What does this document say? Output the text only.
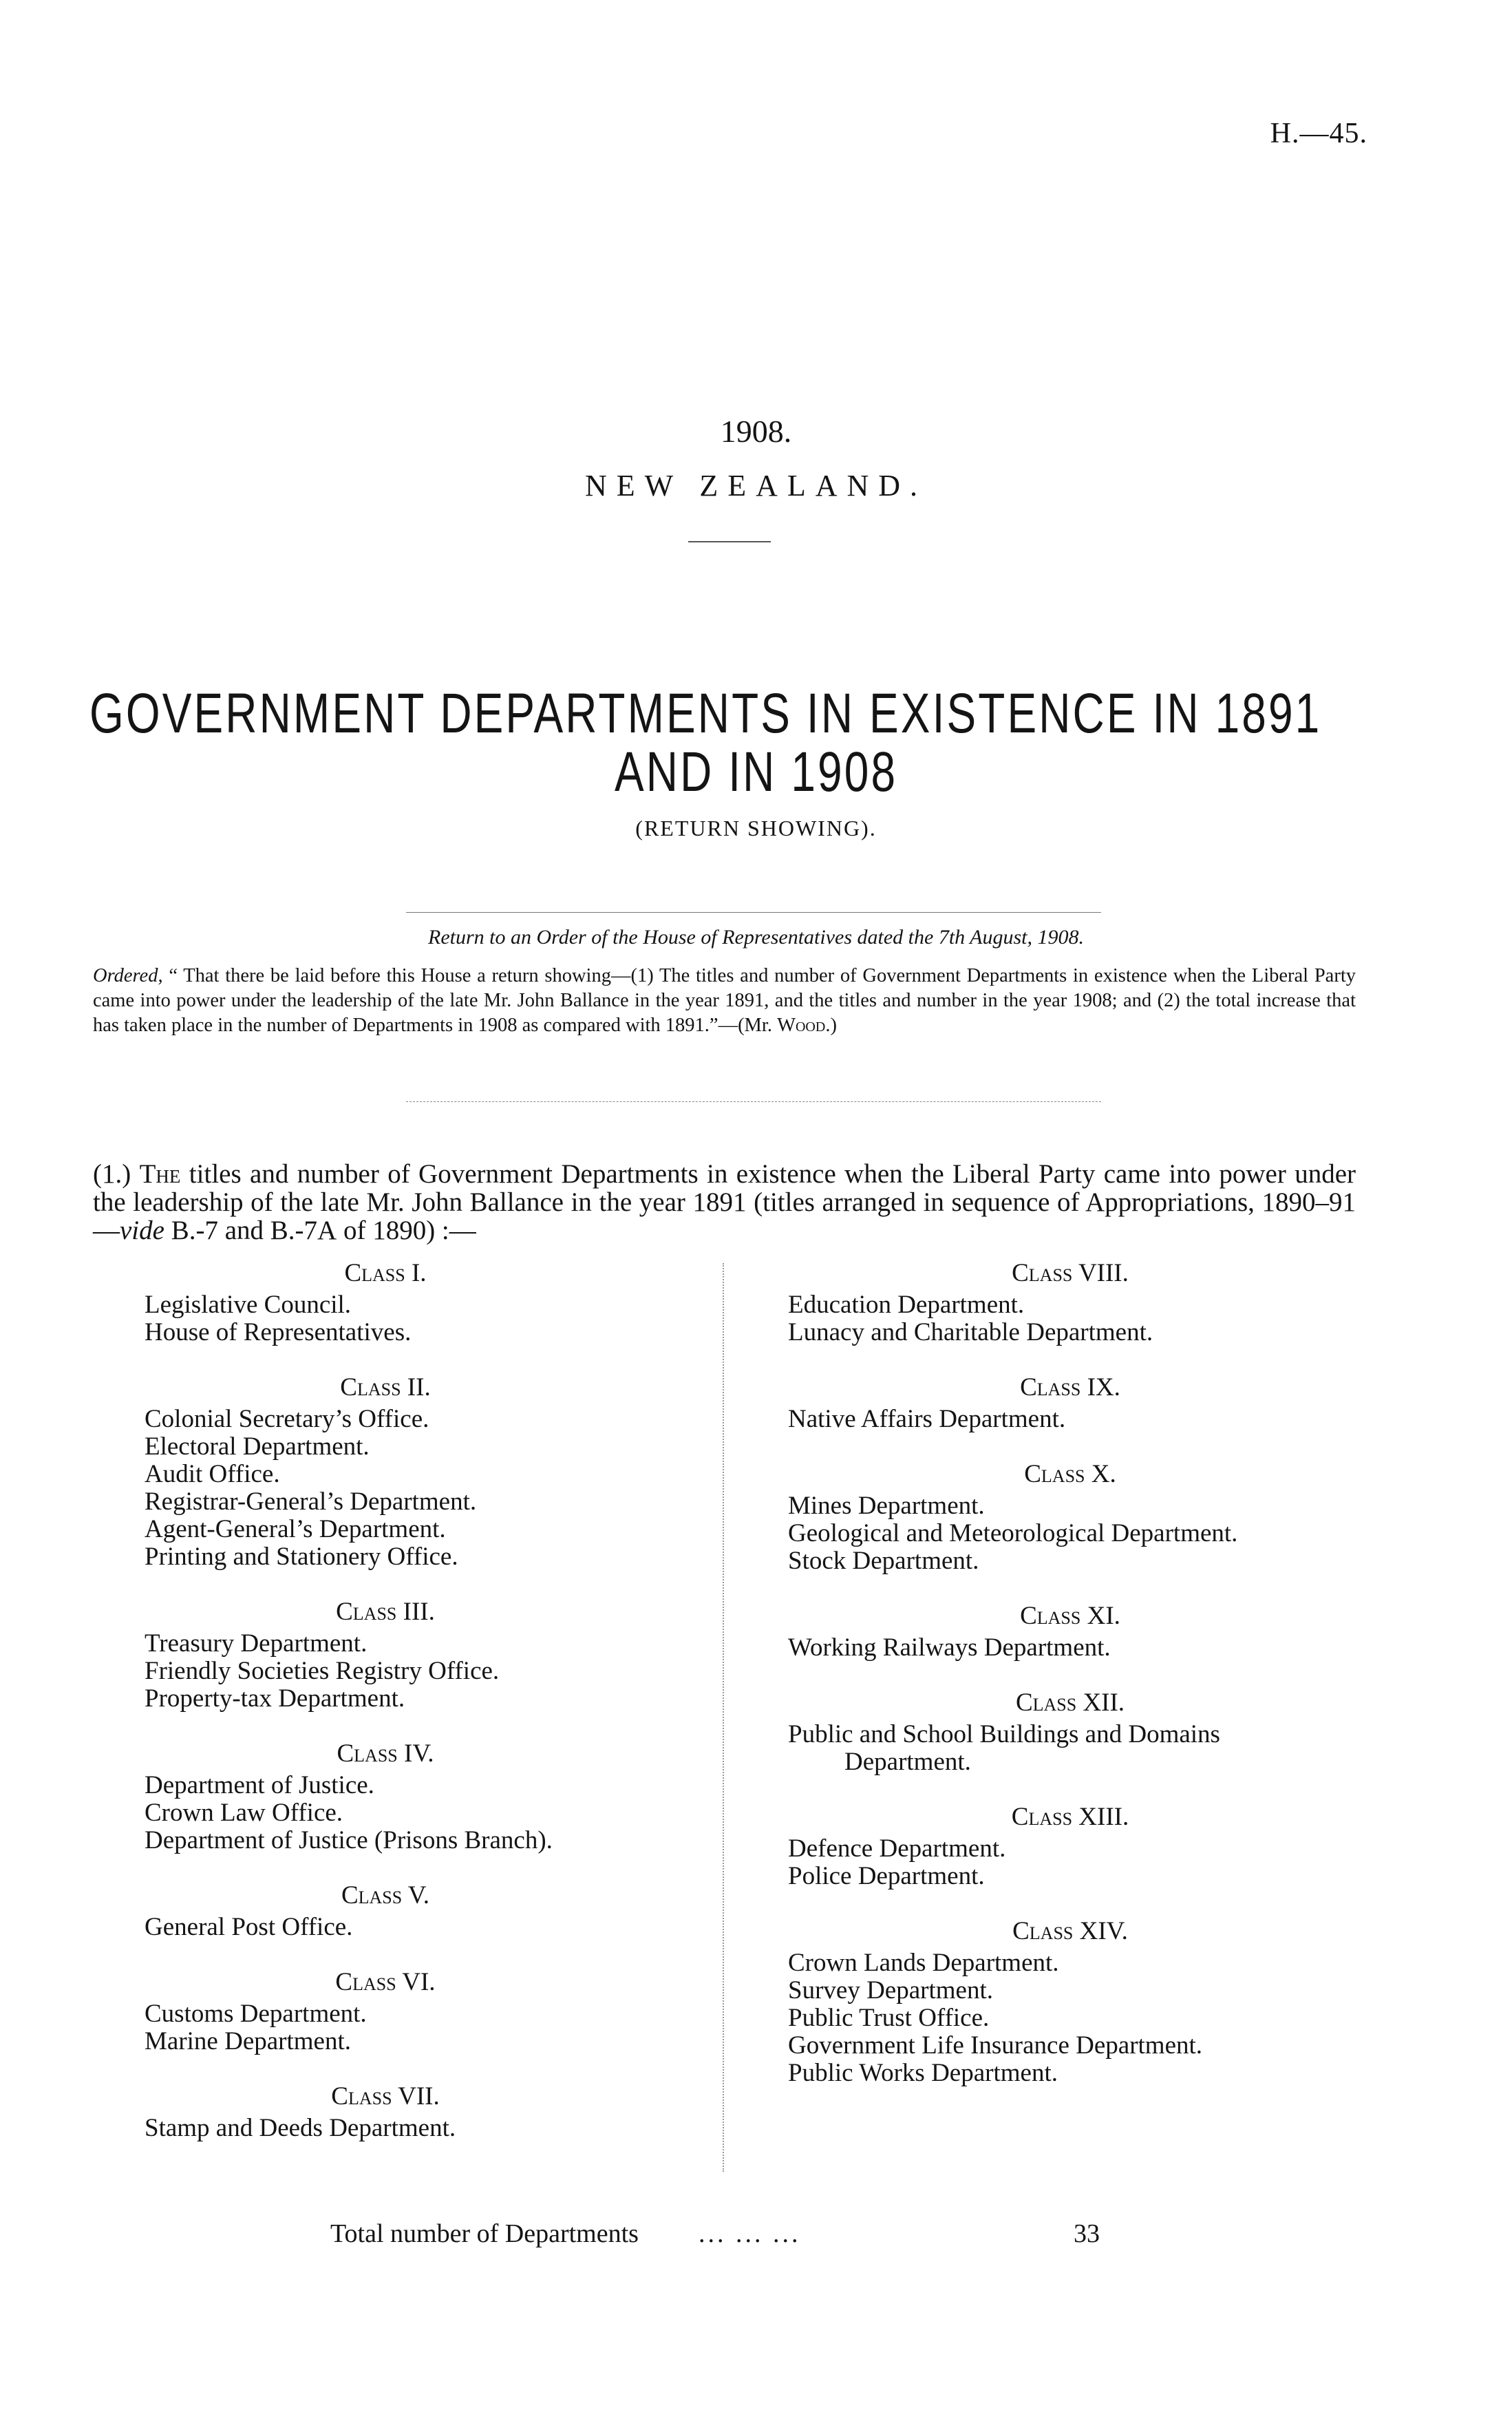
H.—45.
1908.
NEW ZEALAND.
GOVERNMENT DEPARTMENTS IN EXISTENCE IN 1891
AND IN 1908
(RETURN SHOWING).
Return to an Order of the House of Representatives dated the 7th August, 1908.
Ordered, “ That there be laid before this House a return showing—(1) The titles and number of Government Departments in existence when the Liberal Party came into power under the leadership of the late Mr. John Ballance in the year 1891, and the titles and number in the year 1908; and (2) the total increase that has taken place in the number of Departments in 1908 as compared with 1891.”—(Mr. Wood.)
(1.) The titles and number of Government Departments in existence when the Liberal Party came into power under the leadership of the late Mr. John Ballance in the year 1891 (titles arranged in sequence of Appropriations, 1890–91—vide B.-7 and B.-7A of 1890) :—
Class I.
Legislative Council.
House of Representatives.
Class II.
Colonial Secretary’s Office.
Electoral Department.
Audit Office.
Registrar-General’s Department.
Agent-General’s Department.
Printing and Stationery Office.
Class III.
Treasury Department.
Friendly Societies Registry Office.
Property-tax Department.
Class IV.
Department of Justice.
Crown Law Office.
Department of Justice (Prisons Branch).
Class V.
General Post Office.
Class VI.
Customs Department.
Marine Department.
Class VII.
Stamp and Deeds Department.
Class VIII.
Education Department.
Lunacy and Charitable Department.
Class IX.
Native Affairs Department.
Class X.
Mines Department.
Geological and Meteorological Department.
Stock Department.
Class XI.
Working Railways Department.
Class XII.
Public and School Buildings and Domains
Department.
Class XIII.
Defence Department.
Police Department.
Class XIV.
Crown Lands Department.
Survey Department.
Public Trust Office.
Government Life Insurance Department.
Public Works Department.
Total number of Departments ... ... ...	33
